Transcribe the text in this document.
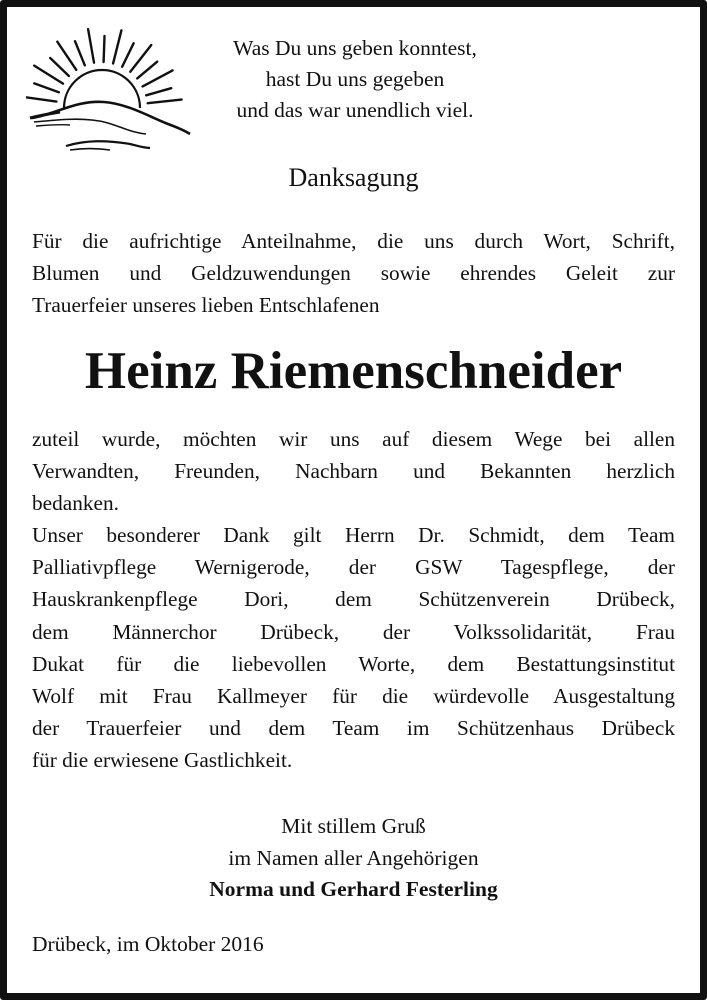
Was Du uns geben konntest,
hast Du uns gegeben
und das war unendlich viel.
Danksagung
Für die aufrichtige Anteilnahme, die uns durch Wort, Schrift,
Blumen und Geldzuwendungen sowie ehrendes Geleit zur
Trauerfeier unseres lieben Entschlafenen
Heinz Riemenschneider
zuteil wurde, möchten wir uns auf diesem Wege bei allen
Verwandten, Freunden, Nachbarn und Bekannten herzlich
bedanken.
Unser besonderer Dank gilt Herrn Dr. Schmidt, dem Team
Palliativpflege Wernigerode, der GSW Tagespflege, der
Hauskrankenpflege Dori, dem Schützenverein Drübeck,
dem Männerchor Drübeck, der Volkssolidarität, Frau
Dukat für die liebevollen Worte, dem Bestattungsinstitut
Wolf mit Frau Kallmeyer für die würdevolle Ausgestaltung
der Trauerfeier und dem Team im Schützenhaus Drübeck
für die erwiesene Gastlichkeit.
Mit stillem Gruß
im Namen aller Angehörigen
Norma und Gerhard Festerling
Drübeck, im Oktober 2016
